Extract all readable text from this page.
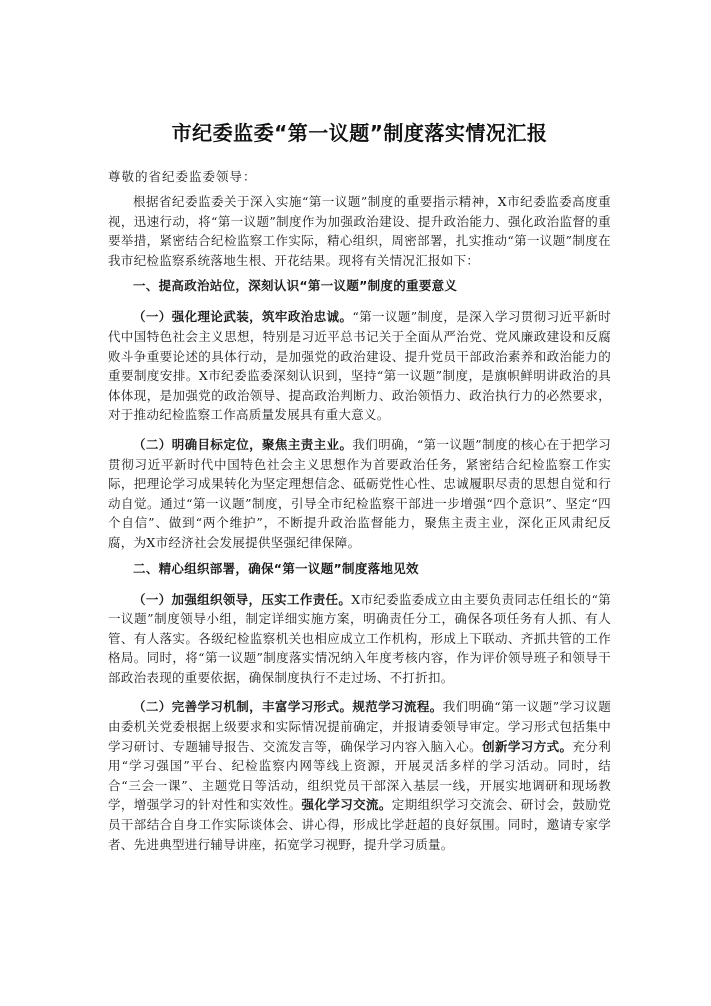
市纪委监委“第一议题”制度落实情况汇报
尊敬的省纪委监委领导：
根据省纪委监委关于深入实施“第一议题”制度的重要指示精神，X市纪委监委高度重视，迅速行动，将“第一议题”制度作为加强政治建设、提升政治能力、强化政治监督的重要举措，紧密结合纪检监察工作实际，精心组织，周密部署，扎实推动“第一议题”制度在我市纪检监察系统落地生根、开花结果。现将有关情况汇报如下：
一、提高政治站位，深刻认识“第一议题”制度的重要意义
（一）强化理论武装，筑牢政治忠诚。“第一议题”制度，是深入学习贯彻习近平新时代中国特色社会主义思想，特别是习近平总书记关于全面从严治党、党风廉政建设和反腐败斗争重要论述的具体行动，是加强党的政治建设、提升党员干部政治素养和政治能力的重要制度安排。X市纪委监委深刻认识到，坚持“第一议题”制度，是旗帜鲜明讲政治的具体体现，是加强党的政治领导、提高政治判断力、政治领悟力、政治执行力的必然要求，对于推动纪检监察工作高质量发展具有重大意义。
（二）明确目标定位，聚焦主责主业。我们明确，“第一议题”制度的核心在于把学习贯彻习近平新时代中国特色社会主义思想作为首要政治任务，紧密结合纪检监察工作实际，把理论学习成果转化为坚定理想信念、砥砺党性心性、忠诚履职尽责的思想自觉和行动自觉。通过“第一议题”制度，引导全市纪检监察干部进一步增强“四个意识”、坚定“四个自信”、做到“两个维护”，不断提升政治监督能力，聚焦主责主业，深化正风肃纪反腐，为X市经济社会发展提供坚强纪律保障。
二、精心组织部署，确保“第一议题”制度落地见效
（一）加强组织领导，压实工作责任。X市纪委监委成立由主要负责同志任组长的“第一议题”制度领导小组，制定详细实施方案，明确责任分工，确保各项任务有人抓、有人管、有人落实。各级纪检监察机关也相应成立工作机构，形成上下联动、齐抓共管的工作格局。同时，将“第一议题”制度落实情况纳入年度考核内容，作为评价领导班子和领导干部政治表现的重要依据，确保制度执行不走过场、不打折扣。
（二）完善学习机制，丰富学习形式。规范学习流程。我们明确“第一议题”学习议题由委机关党委根据上级要求和实际情况提前确定，并报请委领导审定。学习形式包括集中学习研讨、专题辅导报告、交流发言等，确保学习内容入脑入心。创新学习方式。充分利用“学习强国”平台、纪检监察内网等线上资源，开展灵活多样的学习活动。同时，结合“三会一课”、主题党日等活动，组织党员干部深入基层一线，开展实地调研和现场教学，增强学习的针对性和实效性。强化学习交流。定期组织学习交流会、研讨会，鼓励党员干部结合自身工作实际谈体会、讲心得，形成比学赶超的良好氛围。同时，邀请专家学者、先进典型进行辅导讲座，拓宽学习视野，提升学习质量。
